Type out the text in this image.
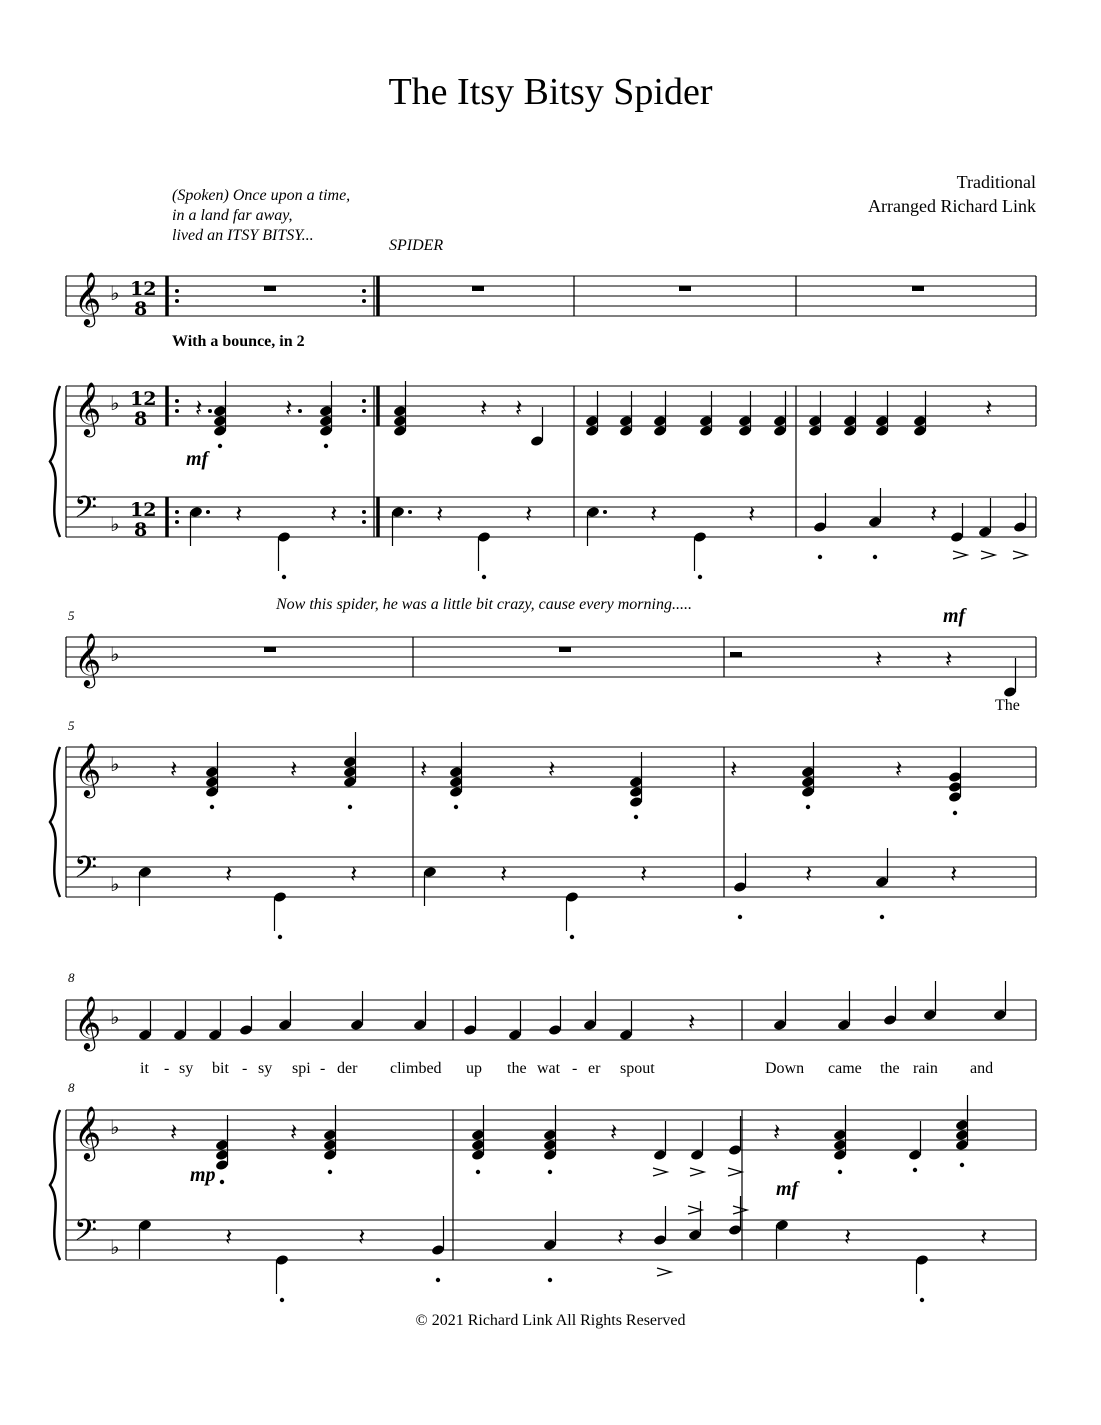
The Itsy Bitsy Spider
Traditional
Arranged Richard Link
(Spoken) Once upon a time,
in a land far away,
lived an ITSY BITSY...
SPIDER
With a bounce, in 2
Now this spider, he was a little bit crazy, cause every morning.....
5
5
8
8
mf
mf
mp
mf
The
it - sy bit - sy spi - der climbed up the wat - er spout	Down came the rain and
© 2021 Richard Link All Rights Reserved
𝄞 ♭
𝄞 ♭
𝄢 ♭
12
8
12
8
12
8
𝄞 ♭
𝄞 ♭
𝄢 ♭
𝄞 ♭
𝄞 ♭
𝄢 ♭
𝄽	𝄽	𝄽 𝄽	𝄽
𝄽	𝄽	𝄽	𝄽	𝄽	𝄽	𝄽
𝄽	𝄽
𝄽	𝄽	𝄽
𝄽	𝄽	𝄽
𝄽	𝄽	𝄽	𝄽	𝄽	𝄽
𝄽
𝄽	𝄽	𝄽	𝄽
𝄽	𝄽	𝄽	𝄽	𝄽
